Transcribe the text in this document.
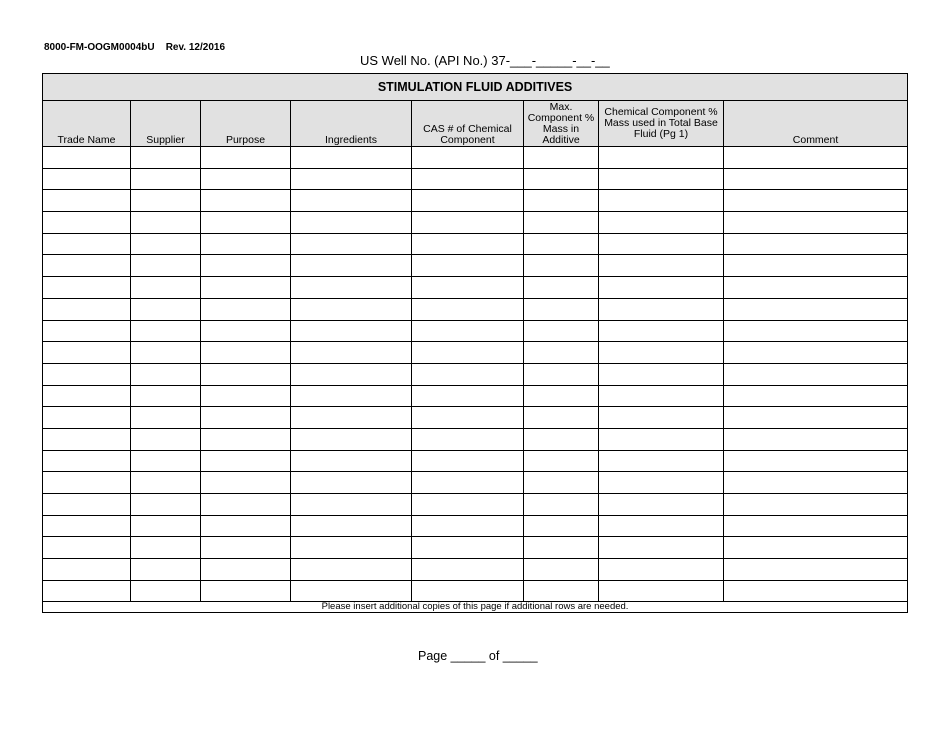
8000-FM-OOGM0004bU    Rev. 12/2016
US Well No. (API No.) 37-___-_____-__-__
STIMULATION FLUID ADDITIVES							
Trade Name	Supplier	Purpose	Ingredients	CAS # of Chemical Component	Max. Component % Mass in Additive	Chemical Component % Mass used in Total Base Fluid (Pg 1)	Comment

Please insert additional copies of this page if additional rows are needed.							
Page _____ of _____
